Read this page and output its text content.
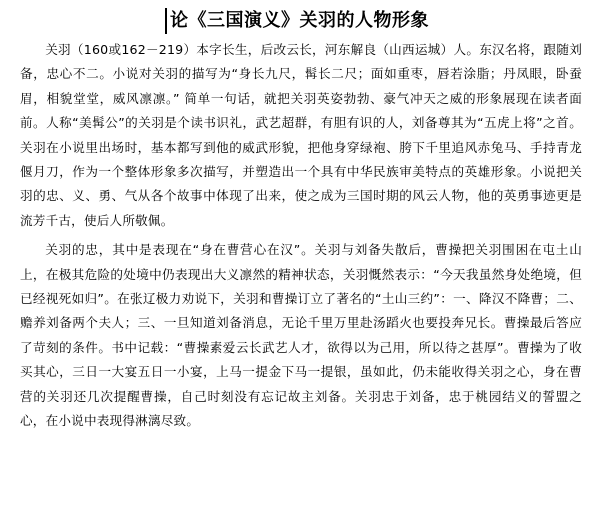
论《三国演义》关羽的人物形象

关羽（160或162－219）本字长生，后改云长，河东解良（山西运城）人。东汉名将，跟随刘备，忠心不二。小说对关羽的描写为“身长九尺，髯长二尺；面如重枣，唇若涂脂；丹凤眼，卧蚕眉，相貌堂堂，威风凛凛。” 简单一句话，就把关羽英姿勃勃、豪气冲天之威的形象展现在读者面前。人称“美髯公”的关羽是个读书识礼，武艺超群，有胆有识的人，刘备尊其为“五虎上将”之首。关羽在小说里出场时，基本都写到他的威武形貌，把他身穿绿袍、胯下千里追风赤兔马、手持青龙偃月刀，作为一个整体形象多次描写，并塑造出一个具有中华民族审美特点的英雄形象。小说把关羽的忠、义、勇、气从各个故事中体现了出来，使之成为三国时期的风云人物，他的英勇事迹更是流芳千古，使后人所敬佩。

关羽的忠，其中是表现在“身在曹营心在汉”。关羽与刘备失散后，曹操把关羽围困在屯土山上，在极其危险的处境中仍表现出大义凛然的精神状态，关羽慨然表示：“今天我虽然身处绝境，但已经视死如归”。在张辽极力劝说下，关羽和曹操订立了著名的“土山三约”：一、降汉不降曹；二、赡养刘备两个夫人；三、一旦知道刘备消息，无论千里万里赴汤蹈火也要投奔兄长。曹操最后答应了苛刻的条件。书中记载：“曹操素爱云长武艺人才，欲得以为己用，所以待之甚厚”。曹操为了收买其心，三日一大宴五日一小宴，上马一提金下马一提银，虽如此，仍未能收得关羽之心，身在曹营的关羽还几次提醒曹操，自己时刻没有忘记故主刘备。关羽忠于刘备，忠于桃园结义的誓盟之心，在小说中表现得淋漓尽致。
